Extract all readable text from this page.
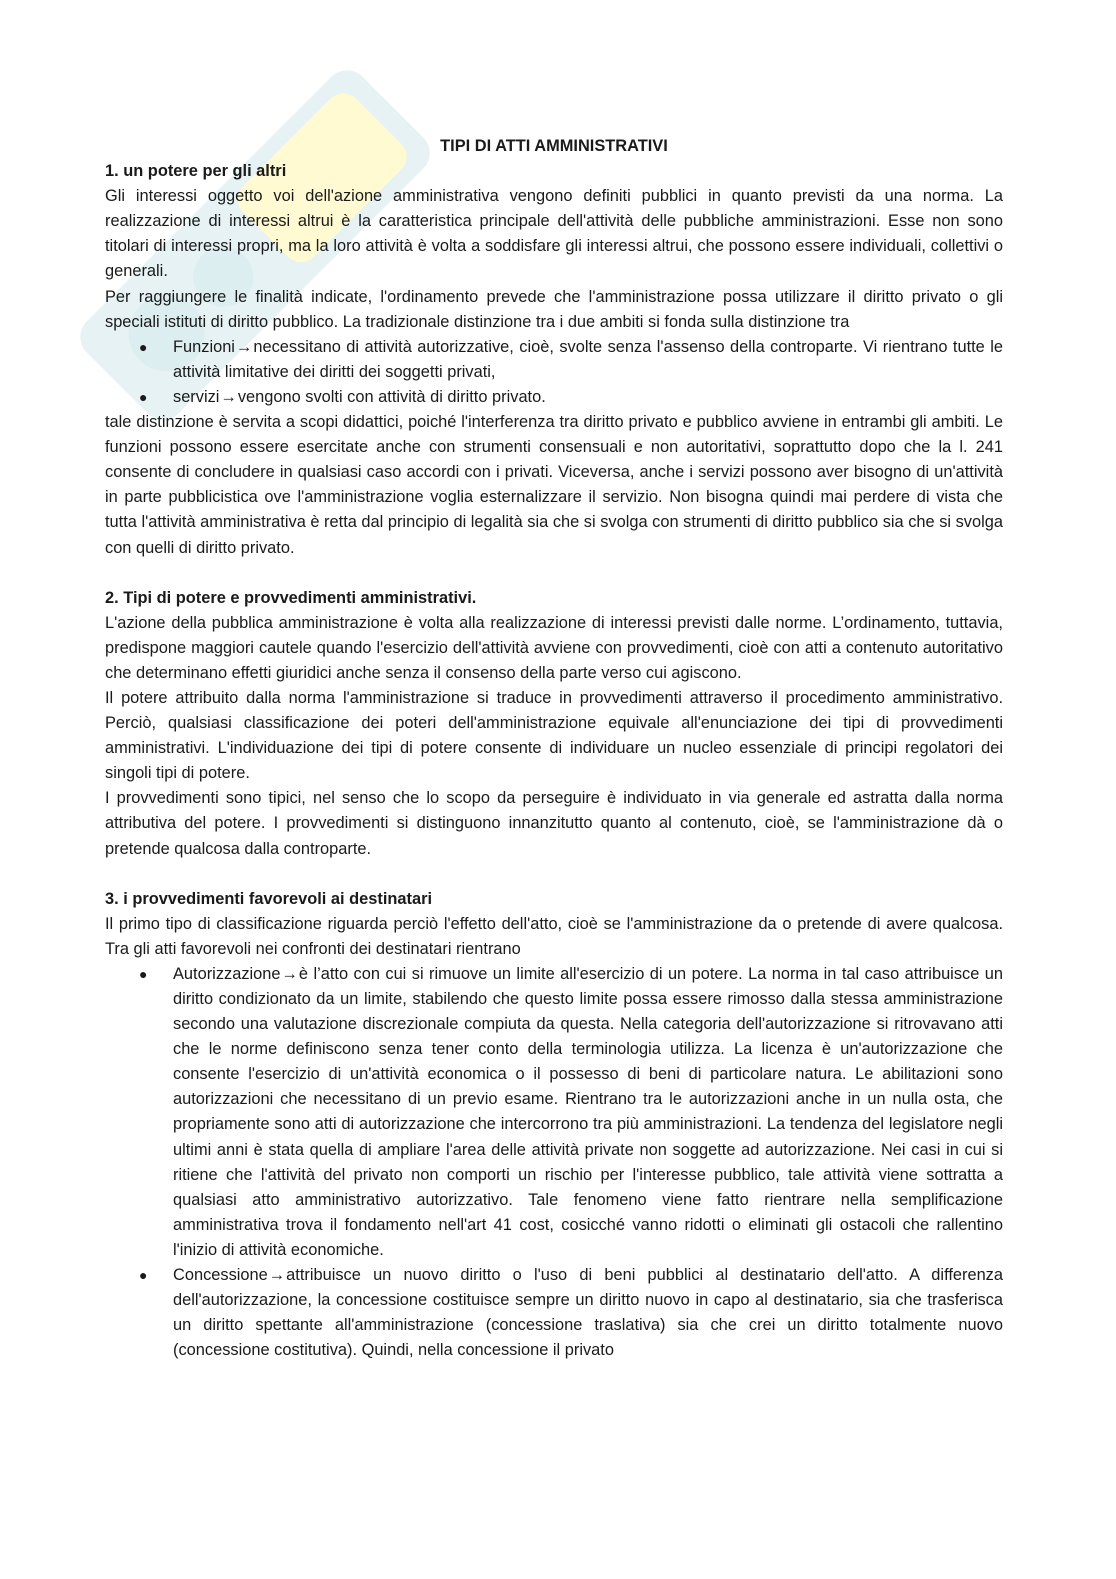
TIPI DI ATTI AMMINISTRATIVI

1. un potere per gli altri

Gli interessi oggetto voi dell'azione amministrativa vengono definiti pubblici in quanto previsti da una norma. La realizzazione di interessi altrui è la caratteristica principale dell'attività delle pubbliche amministrazioni. Esse non sono titolari di interessi propri, ma la loro attività è volta a soddisfare gli interessi altrui, che possono essere individuali, collettivi o generali.

Per raggiungere le finalità indicate, l'ordinamento prevede che l'amministrazione possa utilizzare il diritto privato o gli speciali istituti di diritto pubblico. La tradizionale distinzione tra i due ambiti si fonda sulla distinzione tra

● Funzioni→necessitano di attività autorizzative, cioè, svolte senza l'assenso della controparte. Vi rientrano tutte le attività limitative dei diritti dei soggetti privati,
● servizi→vengono svolti con attività di diritto privato.

tale distinzione è servita a scopi didattici, poiché l'interferenza tra diritto privato e pubblico avviene in entrambi gli ambiti. Le funzioni possono essere esercitate anche con strumenti consensuali e non autoritativi, soprattutto dopo che la l. 241 consente di concludere in qualsiasi caso accordi con i privati. Viceversa, anche i servizi possono aver bisogno di un'attività in parte pubblicistica ove l'amministrazione voglia esternalizzare il servizio. Non bisogna quindi mai perdere di vista che tutta l'attività amministrativa è retta dal principio di legalità sia che si svolga con strumenti di diritto pubblico sia che si svolga con quelli di diritto privato.

2. Tipi di potere e provvedimenti amministrativi.

L'azione della pubblica amministrazione è volta alla realizzazione di interessi previsti dalle norme. L’ordinamento, tuttavia, predispone maggiori cautele quando l'esercizio dell'attività avviene con provvedimenti, cioè con atti a contenuto autoritativo che determinano effetti giuridici anche senza il consenso della parte verso cui agiscono.

Il potere attribuito dalla norma l'amministrazione si traduce in provvedimenti attraverso il procedimento amministrativo. Perciò, qualsiasi classificazione dei poteri dell'amministrazione equivale all'enunciazione dei tipi di provvedimenti amministrativi. L'individuazione dei tipi di potere consente di individuare un nucleo essenziale di principi regolatori dei singoli tipi di potere.

I provvedimenti sono tipici, nel senso che lo scopo da perseguire è individuato in via generale ed astratta dalla norma attributiva del potere. I provvedimenti si distinguono innanzitutto quanto al contenuto, cioè, se l'amministrazione dà o pretende qualcosa dalla controparte.

3. i provvedimenti favorevoli ai destinatari

Il primo tipo di classificazione riguarda perciò l'effetto dell'atto, cioè se l'amministrazione da o pretende di avere qualcosa. Tra gli atti favorevoli nei confronti dei destinatari rientrano

● Autorizzazione→è l’atto con cui si rimuove un limite all'esercizio di un potere. La norma in tal caso attribuisce un diritto condizionato da un limite, stabilendo che questo limite possa essere rimosso dalla stessa amministrazione secondo una valutazione discrezionale compiuta da questa. Nella categoria dell'autorizzazione si ritrovavano atti che le norme definiscono senza tener conto della terminologia utilizza. La licenza è un'autorizzazione che consente l'esercizio di un'attività economica o il possesso di beni di particolare natura. Le abilitazioni sono autorizzazioni che necessitano di un previo esame. Rientrano tra le autorizzazioni anche in un nulla osta, che propriamente sono atti di autorizzazione che intercorrono tra più amministrazioni. La tendenza del legislatore negli ultimi anni è stata quella di ampliare l'area delle attività private non soggette ad autorizzazione. Nei casi in cui si ritiene che l'attività del privato non comporti un rischio per l'interesse pubblico, tale attività viene sottratta a qualsiasi atto amministrativo autorizzativo. Tale fenomeno viene fatto rientrare nella semplificazione amministrativa trova il fondamento nell'art 41 cost, cosicché vanno ridotti o eliminati gli ostacoli che rallentino l'inizio di attività economiche.
● Concessione→attribuisce un nuovo diritto o l'uso di beni pubblici al destinatario dell'atto. A differenza dell'autorizzazione, la concessione costituisce sempre un diritto nuovo in capo al destinatario, sia che trasferisca un diritto spettante all'amministrazione (concessione traslativa) sia che crei un diritto totalmente nuovo (concessione costitutiva). Quindi, nella concessione il privato
